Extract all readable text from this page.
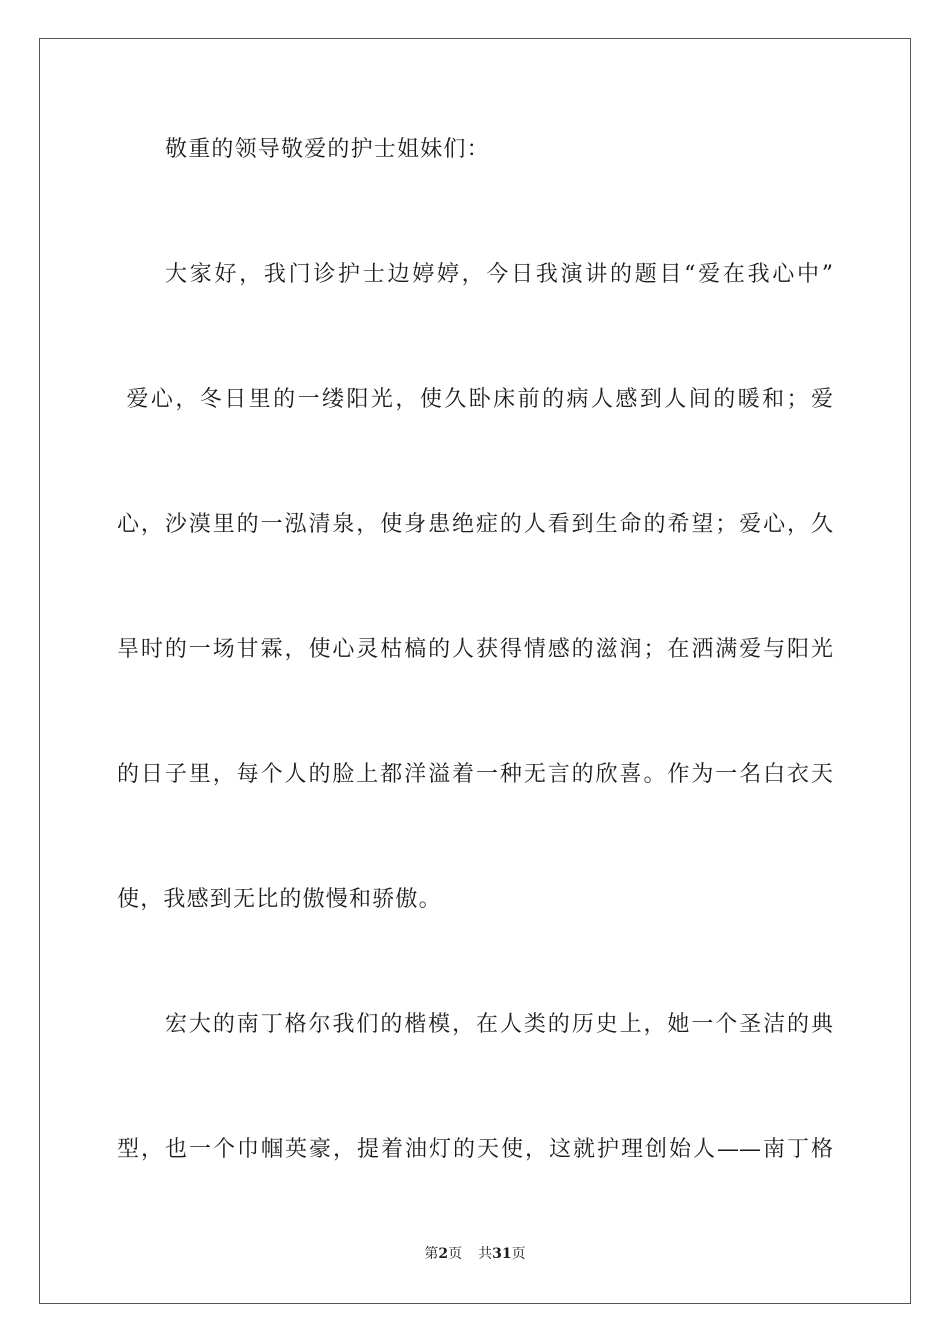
敬重的领导敬爱的护士姐妹们：
大家好，我门诊护士边婷婷，今日我演讲的题目“爱在我心中”
爱心，冬日里的一缕阳光，使久卧床前的病人感到人间的暖和；爱
心，沙漠里的一泓清泉，使身患绝症的人看到生命的希望；爱心，久
旱时的一场甘霖，使心灵枯槁的人获得情感的滋润；在洒满爱与阳光
的日子里，每个人的脸上都洋溢着一种无言的欣喜。作为一名白衣天
使，我感到无比的傲慢和骄傲。
宏大的南丁格尔我们的楷模，在人类的历史上，她一个圣洁的典
型，也一个巾帼英豪，提着油灯的天使，这就护理创始人——南丁格
第2页 共31页
